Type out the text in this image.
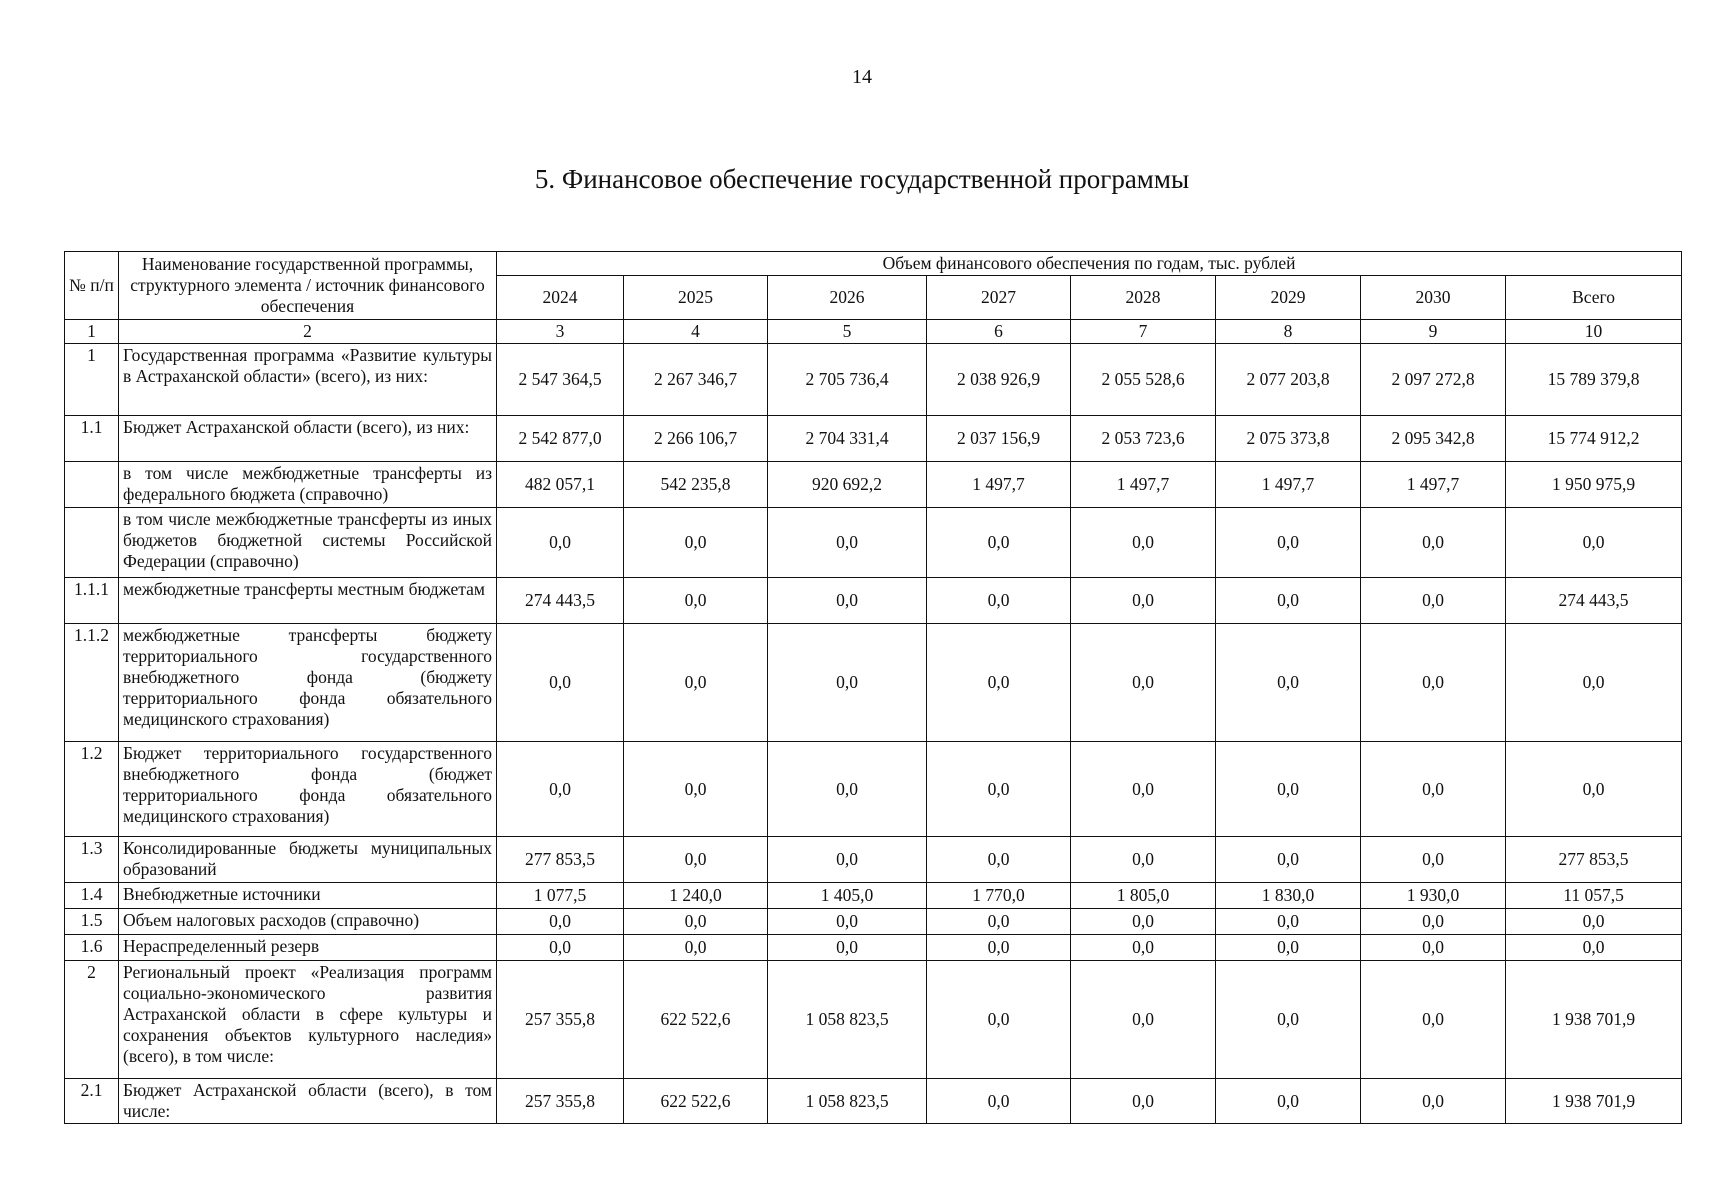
14
5. Финансовое обеспечение государственной программы
№ п/п	Наименование государственной программы, структурного элемента / источник финансового обеспечения	Объем финансового обеспечения по годам, тыс. рублей							
		2024	2025	2026	2027	2028	2029	2030	Всего
1	2	3	4	5	6	7	8	9	10
1	Государственная программа «Развитие культуры в Астраханской области» (всего), из них:	2 547 364,5	2 267 346,7	2 705 736,4	2 038 926,9	2 055 528,6	2 077 203,8	2 097 272,8	15 789 379,8
1.1	Бюджет Астраханской области (всего), из них:	2 542 877,0	2 266 106,7	2 704 331,4	2 037 156,9	2 053 723,6	2 075 373,8	2 095 342,8	15 774 912,2
	в том числе межбюджетные трансферты из федерального бюджета (справочно)	482 057,1	542 235,8	920 692,2	1 497,7	1 497,7	1 497,7	1 497,7	1 950 975,9
	в том числе межбюджетные трансферты из иных бюджетов бюджетной системы Российской Федерации (справочно)	0,0	0,0	0,0	0,0	0,0	0,0	0,0	0,0
1.1.1	межбюджетные трансферты местным бюджетам	274 443,5	0,0	0,0	0,0	0,0	0,0	0,0	274 443,5
1.1.2	межбюджетные трансферты бюджету территориального государственного внебюджетного фонда (бюджету территориального фонда обязательного медицинского страхования)	0,0	0,0	0,0	0,0	0,0	0,0	0,0	0,0
1.2	Бюджет территориального государственного внебюджетного фонда (бюджет территориального фонда обязательного медицинского страхования)	0,0	0,0	0,0	0,0	0,0	0,0	0,0	0,0
1.3	Консолидированные бюджеты муниципальных образований	277 853,5	0,0	0,0	0,0	0,0	0,0	0,0	277 853,5
1.4	Внебюджетные источники	1 077,5	1 240,0	1 405,0	1 770,0	1 805,0	1 830,0	1 930,0	11 057,5
1.5	Объем налоговых расходов (справочно)	0,0	0,0	0,0	0,0	0,0	0,0	0,0	0,0
1.6	Нераспределенный резерв	0,0	0,0	0,0	0,0	0,0	0,0	0,0	0,0
2	Региональный проект «Реализация программ социально-экономического развития Астраханской области в сфере культуры и сохранения объектов культурного наследия» (всего), в том числе:	257 355,8	622 522,6	1 058 823,5	0,0	0,0	0,0	0,0	1 938 701,9
2.1	Бюджет Астраханской области (всего), в том числе:	257 355,8	622 522,6	1 058 823,5	0,0	0,0	0,0	0,0	1 938 701,9
